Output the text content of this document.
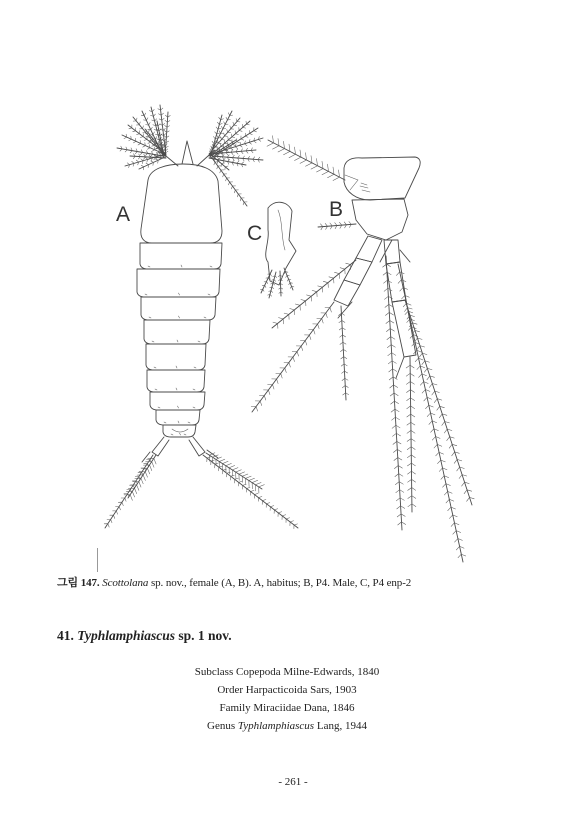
A	B
C
그림 147. Scottolana sp. nov., female (A, B). A, habitus; B, P4. Male, C, P4 enp-2
41. Typhlamphiascus sp. 1 nov.
Subclass Copepoda Milne-Edwards, 1840
Order Harpacticoida Sars, 1903
Family Miraciidae Dana, 1846
Genus Typhlamphiascus Lang, 1944
- 261 -
